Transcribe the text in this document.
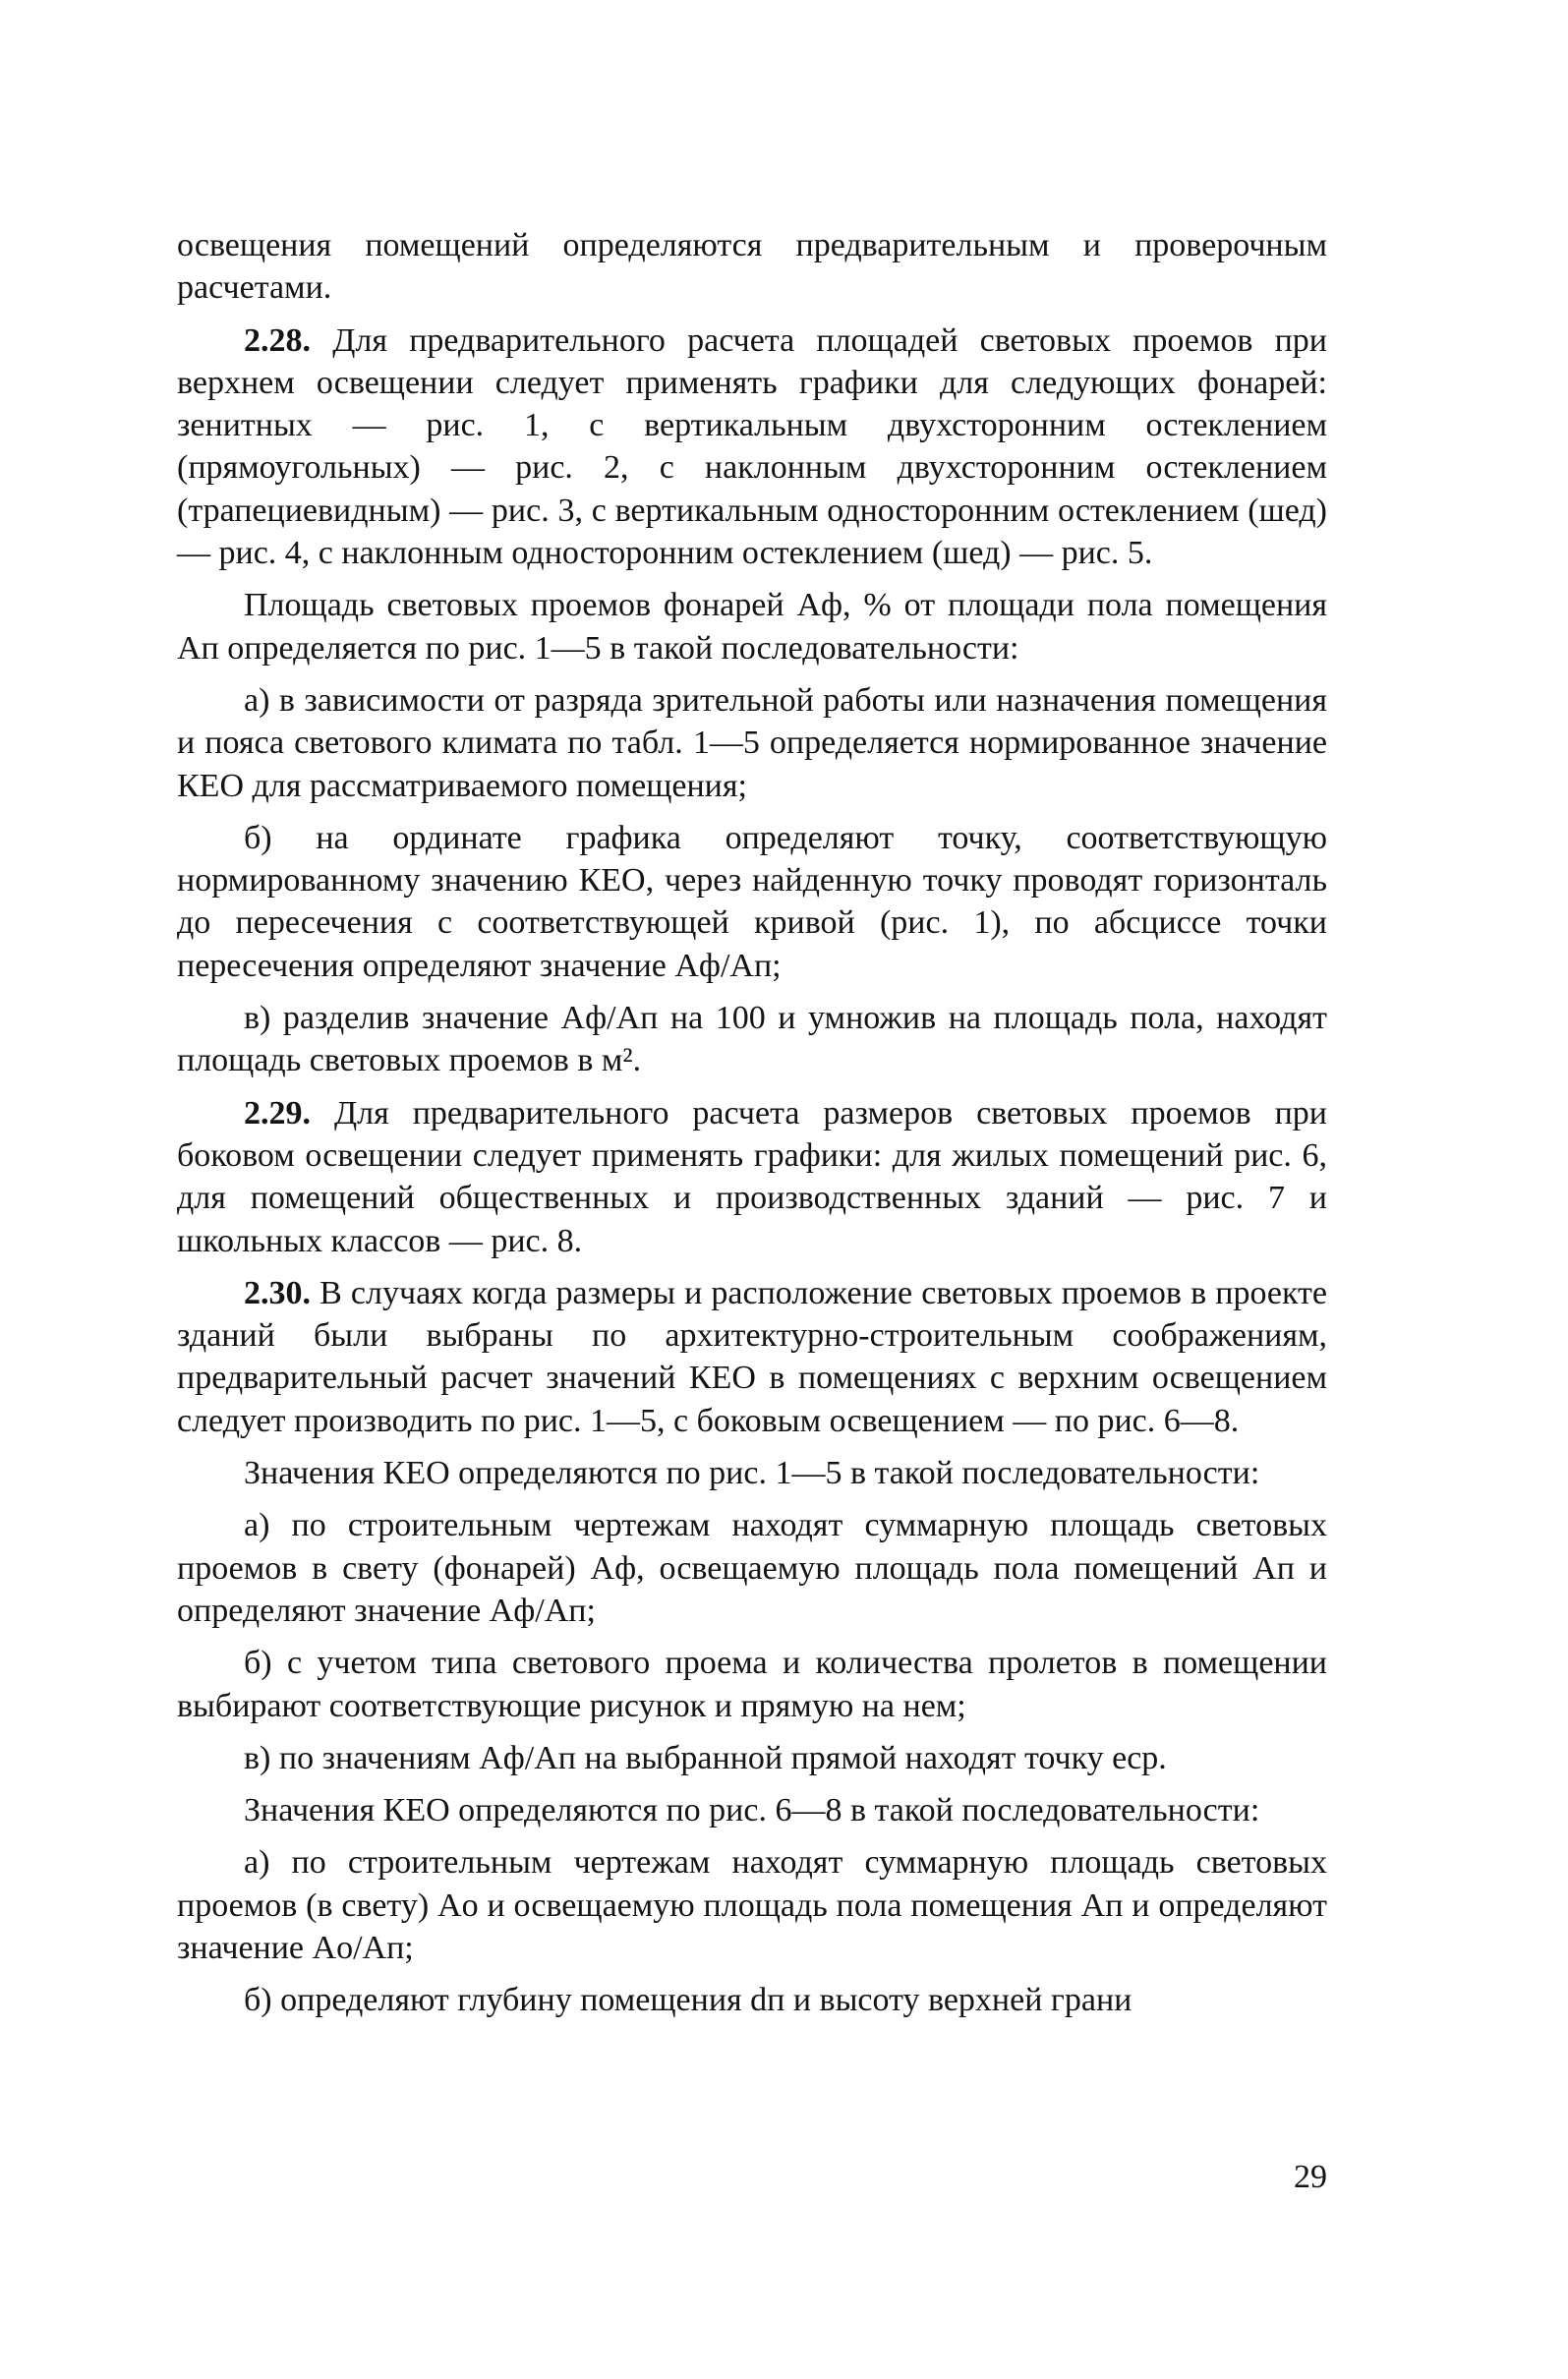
освещения помещений определяются предварительным и проверочным расчетами.

2.28. Для предварительного расчета площадей световых проемов при верхнем освещении следует применять графики для следующих фонарей: зенитных — рис. 1, с вертикальным двухсторонним остеклением (прямоугольных) — рис. 2, с наклонным двухсторонним остеклением (трапециевидным) — рис. 3, с вертикальным односторонним остеклением (шед) — рис. 4, с наклонным односторонним остеклением (шед) — рис. 5.

Площадь световых проемов фонарей Aф, % от площади пола помещения Aп определяется по рис. 1—5 в такой последовательности:

а) в зависимости от разряда зрительной работы или назначения помещения и пояса светового климата по табл. 1—5 определяется нормированное значение КЕО для рассматриваемого помещения;

б) на ординате графика определяют точку, соответствующую нормированному значению КЕО, через найденную точку проводят горизонталь до пересечения с соответствующей кривой (рис. 1), по абсциссе точки пересечения определяют значение Aф/Aп;

в) разделив значение Aф/Aп на 100 и умножив на площадь пола, находят площадь световых проемов в м².

2.29. Для предварительного расчета размеров световых проемов при боковом освещении следует применять графики: для жилых помещений рис. 6, для помещений общественных и производственных зданий — рис. 7 и школьных классов — рис. 8.

2.30. В случаях когда размеры и расположение световых проемов в проекте зданий были выбраны по архитектурно-строительным соображениям, предварительный расчет значений КЕО в помещениях с верхним освещением следует производить по рис. 1—5, с боковым освещением — по рис. 6—8.

Значения КЕО определяются по рис. 1—5 в такой последовательности:

а) по строительным чертежам находят суммарную площадь световых проемов в свету (фонарей) Aф, освещаемую площадь пола помещений Aп и определяют значение Aф/Aп;

б) с учетом типа светового проема и количества пролетов в помещении выбирают соответствующие рисунок и прямую на нем;

в) по значениям Aф/Aп на выбранной прямой находят точку eср.

Значения КЕО определяются по рис. 6—8 в такой последовательности:

а) по строительным чертежам находят суммарную площадь световых проемов (в свету) Aо и освещаемую площадь пола помещения Aп и определяют значение Aо/Aп;

б) определяют глубину помещения dп и высоту верхней грани

29
